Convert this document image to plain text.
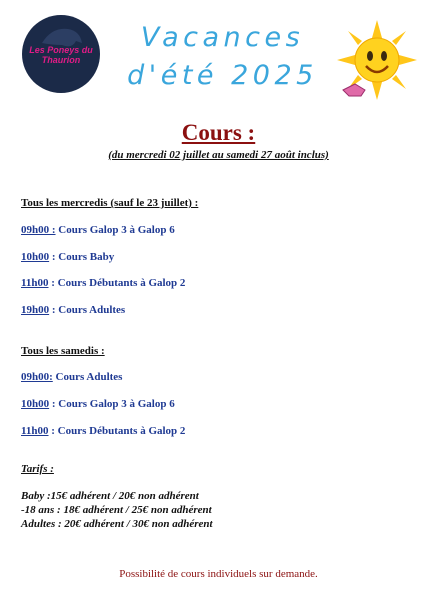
Les Poneys du Thaurion
Vacances
d'été 2025
Cours :
(du mercredi 02 juillet au samedi 27 août inclus)
Tous les mercredis (sauf le 23 juillet) :
09h00 : Cours Galop 3 à Galop 6
10h00 : Cours Baby
11h00 : Cours Débutants à Galop 2
19h00 : Cours Adultes
Tous les samedis :
09h00: Cours Adultes
10h00 : Cours Galop 3 à Galop 6
11h00 : Cours Débutants à Galop 2
Tarifs :
Baby :15€ adhérent / 20€ non adhérent
-18 ans : 18€ adhérent / 25€ non adhérent
Adultes : 20€ adhérent / 30€ non adhérent
Possibilité de cours individuels sur demande.
